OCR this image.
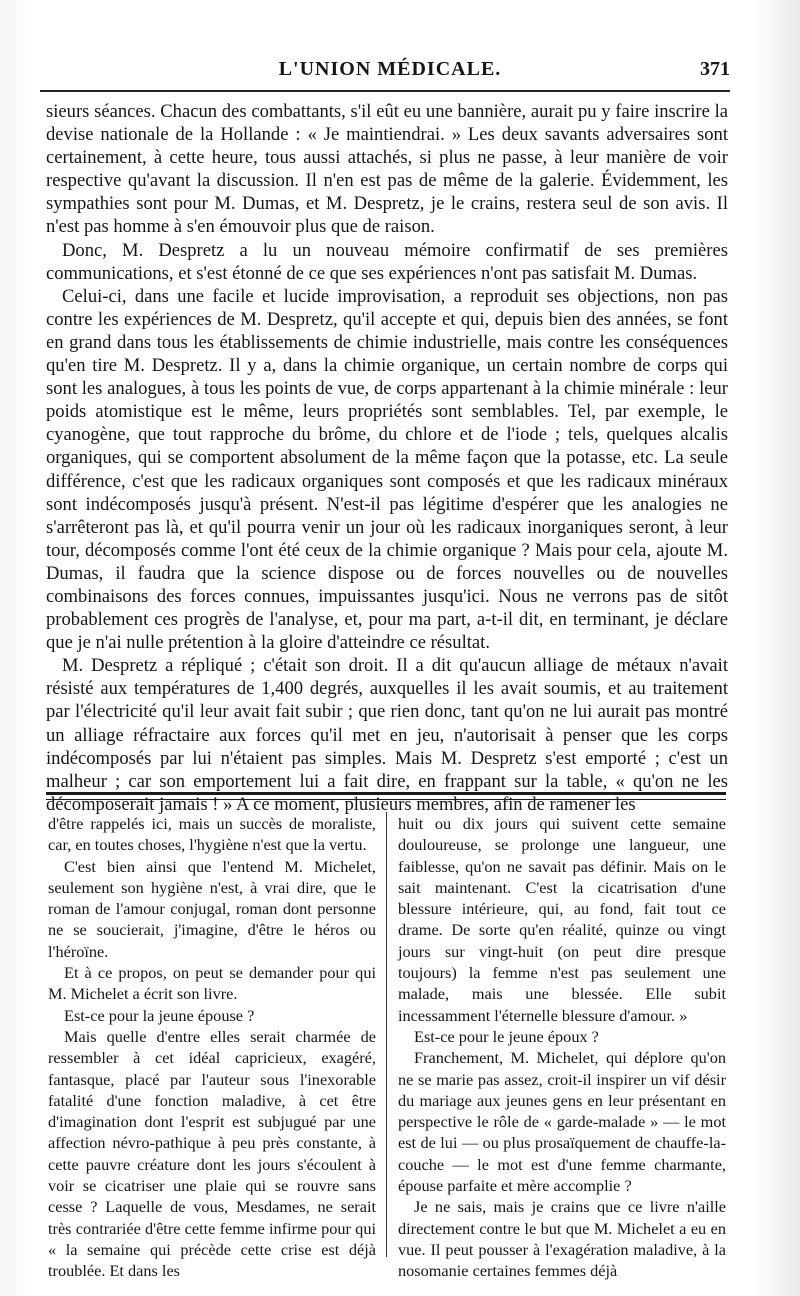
L'UNION MÉDICALE.	371

sieurs séances. Chacun des combattants, s'il eût eu une bannière, aurait pu y faire inscrire la devise nationale de la Hollande : « Je maintiendrai. » Les deux savants adversaires sont certainement, à cette heure, tous aussi attachés, si plus ne passe, à leur manière de voir respective qu'avant la discussion. Il n'en est pas de même de la galerie. Évidemment, les sympathies sont pour M. Dumas, et M. Despretz, je le crains, restera seul de son avis. Il n'est pas homme à s'en émouvoir plus que de raison.

Donc, M. Despretz a lu un nouveau mémoire confirmatif de ses premières communications, et s'est étonné de ce que ses expériences n'ont pas satisfait M. Dumas.

Celui-ci, dans une facile et lucide improvisation, a reproduit ses objections, non pas contre les expériences de M. Despretz, qu'il accepte et qui, depuis bien des années, se font en grand dans tous les établissements de chimie industrielle, mais contre les conséquences qu'en tire M. Despretz. Il y a, dans la chimie organique, un certain nombre de corps qui sont les analogues, à tous les points de vue, de corps appartenant à la chimie minérale : leur poids atomistique est le même, leurs propriétés sont semblables. Tel, par exemple, le cyanogène, que tout rapproche du brôme, du chlore et de l'iode ; tels, quelques alcalis organiques, qui se comportent absolument de la même façon que la potasse, etc. La seule différence, c'est que les radicaux organiques sont composés et que les radicaux minéraux sont indécomposés jusqu'à présent. N'est-il pas légitime d'espérer que les analogies ne s'arrêteront pas là, et qu'il pourra venir un jour où les radicaux inorganiques seront, à leur tour, décomposés comme l'ont été ceux de la chimie organique ? Mais pour cela, ajoute M. Dumas, il faudra que la science dispose ou de forces nouvelles ou de nouvelles combinaisons des forces connues, impuissantes jusqu'ici. Nous ne verrons pas de sitôt probablement ces progrès de l'analyse, et, pour ma part, a-t-il dit, en terminant, je déclare que je n'ai nulle prétention à la gloire d'atteindre ce résultat.

M. Despretz a répliqué ; c'était son droit. Il a dit qu'aucun alliage de métaux n'avait résisté aux températures de 1,400 degrés, auxquelles il les avait soumis, et au traitement par l'électricité qu'il leur avait fait subir ; que rien donc, tant qu'on ne lui aurait pas montré un alliage réfractaire aux forces qu'il met en jeu, n'autorisait à penser que les corps indécomposés par lui n'étaient pas simples. Mais M. Despretz s'est emporté ; c'est un malheur ; car son emportement lui a fait dire, en frappant sur la table, « qu'on ne les décomposerait jamais ! » A ce moment, plusieurs membres, afin de ramener les

d'être rappelés ici, mais un succès de moraliste, car, en toutes choses, l'hygiène n'est que la vertu.

C'est bien ainsi que l'entend M. Michelet, seulement son hygiène n'est, à vrai dire, que le roman de l'amour conjugal, roman dont personne ne se soucierait, j'imagine, d'être le héros ou l'héroïne.

Et à ce propos, on peut se demander pour qui M. Michelet a écrit son livre.

Est-ce pour la jeune épouse ?

Mais quelle d'entre elles serait charmée de ressembler à cet idéal capricieux, exagéré, fantasque, placé par l'auteur sous l'inexorable fatalité d'une fonction maladive, à cet être d'imagination dont l'esprit est subjugué par une affection névro-pathique à peu près constante, à cette pauvre créature dont les jours s'écoulent à voir se cicatriser une plaie qui se rouvre sans cesse ? Laquelle de vous, Mesdames, ne serait très contrariée d'être cette femme infirme pour qui « la semaine qui précède cette crise est déjà troublée. Et dans les

huit ou dix jours qui suivent cette semaine douloureuse, se prolonge une langueur, une faiblesse, qu'on ne savait pas définir. Mais on le sait maintenant. C'est la cicatrisation d'une blessure intérieure, qui, au fond, fait tout ce drame. De sorte qu'en réalité, quinze ou vingt jours sur vingt-huit (on peut dire presque toujours) la femme n'est pas seulement une malade, mais une blessée. Elle subit incessamment l'éternelle blessure d'amour. »

Est-ce pour le jeune époux ?

Franchement, M. Michelet, qui déplore qu'on ne se marie pas assez, croit-il inspirer un vif désir du mariage aux jeunes gens en leur présentant en perspective le rôle de « garde-malade » — le mot est de lui — ou plus prosaïquement de chauffe-la-couche — le mot est d'une femme charmante, épouse parfaite et mère accomplie ?

Je ne sais, mais je crains que ce livre n'aille directement contre le but que M. Michelet a eu en vue. Il peut pousser à l'exagération maladive, à la nosomanie certaines femmes déjà
